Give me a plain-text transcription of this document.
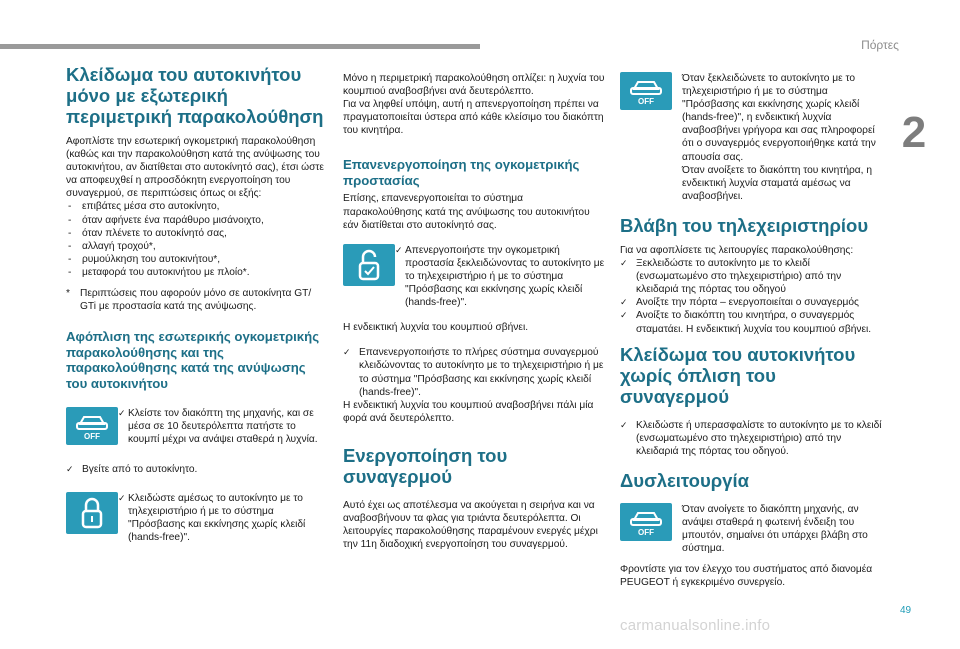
Πόρτες
2
Κλείδωμα του αυτοκινήτου μόνο με εξωτερική περιμετρική παρακολούθηση

Αφοπλίστε την εσωτερική ογκομετρική παρακολούθηση (καθώς και την παρακολούθηση κατά της ανύψωσης του αυτοκινήτου, αν διατίθεται στο αυτοκίνητό σας), έτσι ώστε να αποφευχθεί η απροσδόκητη ενεργοποίηση του συναγερμού, σε περιπτώσεις όπως οι εξής:

- επιβάτες μέσα στο αυτοκίνητο,
- όταν αφήνετε ένα παράθυρο μισάνοιχτο,
- όταν πλένετε το αυτοκίνητό σας,
- αλλαγή τροχού*,
- ρυμούλκηση του αυτοκινήτου*,
- μεταφορά του αυτοκινήτου με πλοίο*.
* Περιπτώσεις που αφορούν μόνο σε αυτοκίνητα GT/ GTi με προστασία κατά της ανύψωσης.
Αφόπλιση της εσωτερικής ογκομετρικής παρακολούθησης και της παρακολούθησης κατά της ανύψωσης του αυτοκινήτου
OFF
✓ Κλείστε τον διακόπτη της μηχανής, και σε μέσα σε 10 δευτερόλεπτα πατήστε το κουμπί μέχρι να ανάψει σταθερά η λυχνία.
✓ Βγείτε από το αυτοκίνητο.
✓ Κλειδώστε αμέσως το αυτοκίνητο με το τηλεχειριστήριο ή με το σύστημα "Πρόσβασης και εκκίνησης χωρίς κλειδί (hands-free)".

Μόνο η περιμετρική παρακολούθηση οπλίζει: η λυχνία του κουμπιού αναβοσβήνει ανά δευτερόλεπτο.

Για να ληφθεί υπόψη, αυτή η απενεργοποίηση πρέπει να πραγματοποιείται ύστερα από κάθε κλείσιμο του διακόπτη του κινητήρα.

Επανενεργοποίηση της ογκομετρικής προστασίας

Επίσης, επανενεργοποιείται το σύστημα παρακολούθησης κατά της ανύψωσης του αυτοκινήτου εάν διατίθεται στο αυτοκίνητό σας.

✓ Απενεργοποιήστε την ογκομετρική προστασία ξεκλειδώνοντας το αυτοκίνητο με το τηλεχειριστήριο ή με το σύστημα "Πρόσβασης και εκκίνησης χωρίς κλειδί (hands-free)".

Η ενδεικτική λυχνία του κουμπιού σβήνει.

✓ Επανενεργοποιήστε το πλήρες σύστημα συναγερμού κλειδώνοντας το αυτοκίνητο με το τηλεχειριστήριο ή με το σύστημα "Πρόσβασης και εκκίνησης χωρίς κλειδί (hands-free)".

Η ενδεικτική λυχνία του κουμπιού αναβοσβήνει πάλι μία φορά ανά δευτερόλεπτο.

Ενεργοποίηση του συναγερμού

Αυτό έχει ως αποτέλεσμα να ακούγεται η σειρήνα και να αναβοσβήνουν τα φλας για τριάντα δευτερόλεπτα. Οι λειτουργίες παρακολούθησης παραμένουν ενεργές μέχρι την 11η διαδοχική ενεργοποίηση του συναγερμού.

OFF

Όταν ξεκλειδώνετε το αυτοκίνητο με το τηλεχειριστήριο ή με το σύστημα "Πρόσβασης και εκκίνησης χωρίς κλειδί (hands-free)", η ενδεικτική λυχνία αναβοσβήνει γρήγορα και σας πληροφορεί ότι ο συναγερμός ενεργοποιήθηκε κατά την απουσία σας.

Όταν ανοίξετε το διακόπτη του κινητήρα, η ενδεικτική λυχνία σταματά αμέσως να αναβοσβήνει.

Βλάβη του τηλεχειριστηρίου

Για να αφοπλίσετε τις λειτουργίες παρακολούθησης:

✓ Ξεκλειδώστε το αυτοκίνητο με το κλειδί (ενσωματωμένο στο τηλεχειριστήριο) από την κλειδαριά της πόρτας του οδηγού
✓ Ανοίξτε την πόρτα – ενεργοποιείται ο συναγερμός
✓ Ανοίξτε το διακόπτη του κινητήρα, ο συναγερμός σταματάει. Η ενδεικτική λυχνία του κουμπιού σβήνει.
Κλείδωμα του αυτοκινήτου χωρίς όπλιση του συναγερμού
✓ Κλειδώστε ή υπερασφαλίστε το αυτοκίνητο με το κλειδί (ενσωματωμένο στο τηλεχειριστήριο) από την κλειδαριά της πόρτας του οδηγού.
Δυσλειτουργία
OFF

Όταν ανοίγετε το διακόπτη μηχανής, αν ανάψει σταθερά η φωτεινή ένδειξη του μπουτόν, σημαίνει ότι υπάρχει βλάβη στο σύστημα.

Φροντίστε για τον έλεγχο του συστήματος από διανομέα PEUGEOT ή εγκεκριμένο συνεργείο.

49
carmanualsonline.info
